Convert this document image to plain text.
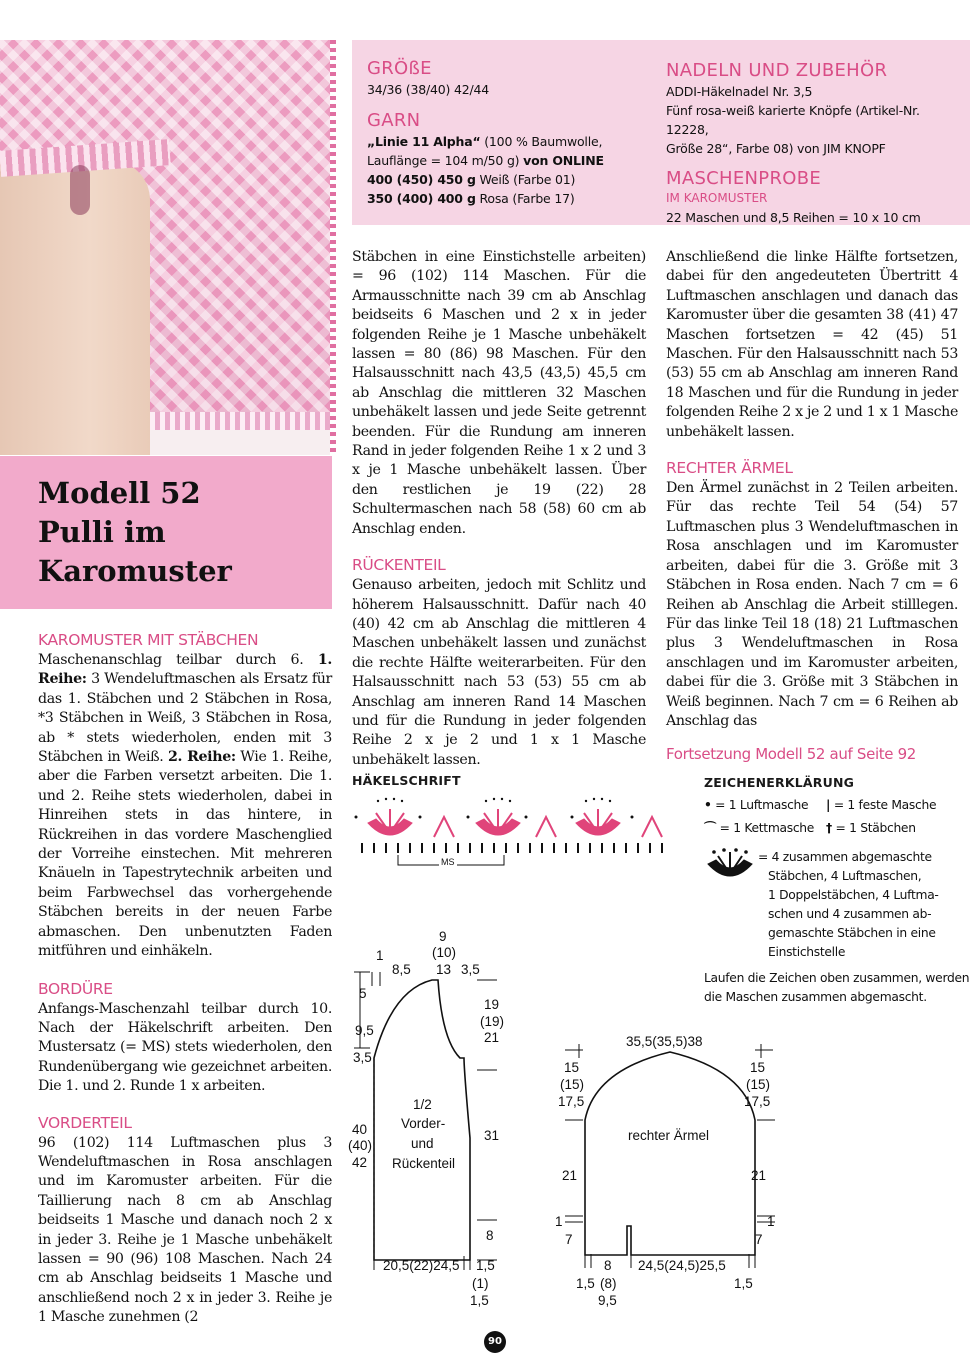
Modell 52
Pulli im
Karomuster
GRÖßE

34/36 (38/40) 42/44

GARN

„Linie 11 Alpha“ (100 % Baumwolle,

Lauflänge = 104 m/50 g) von ONLINE

400 (450) 450 g Weiß (Farbe 01)

350 (400) 400 g Rosa (Farbe 17)

NADELN UND ZUBEHÖR

ADDI-Häkelnadel Nr. 3,5

Fünf rosa-weiß karierte Knöpfe (Artikel-Nr. 12228,

Größe 28“, Farbe 08) von JIM KNOPF

MASCHENPROBE
IM KAROMUSTER

22 Maschen und 8,5 Reihen = 10 x 10 cm

KAROMUSTER MIT STÄBCHEN

Maschenanschlag teilbar durch 6. 1. Reihe: 3 Wendeluftmaschen als Ersatz für das 1. Stäbchen und 2 Stäbchen in Rosa, *3 Stäbchen in Weiß, 3 Stäbchen in Rosa, ab * stets wiederholen, enden mit 3 Stäbchen in Weiß. 2. Reihe: Wie 1. Reihe, aber die Farben versetzt arbeiten. Die 1. und 2. Reihe stets wiederholen, dabei in Hinreihen stets in das hintere, in Rückreihen in das vordere Maschenglied der Vorreihe einstechen. Mit mehreren Knäueln in Tapestrytechnik arbeiten und beim Farbwechsel das vorhergehende Stäbchen bereits in der neuen Farbe abmaschen. Den unbenutzten Faden mitführen und einhäkeln.

BORDÜRE

Anfangs-Maschenzahl teilbar durch 10. Nach der Häkelschrift arbeiten. Den Mustersatz (= MS) stets wiederholen, den Rundenübergang wie gezeichnet arbeiten. Die 1. und 2. Runde 1 x arbeiten.

VORDERTEIL

96 (102) 114 Luftmaschen plus 3 Wendeluftmaschen in Rosa anschlagen und im Karomuster arbeiten. Für die Taillierung nach 8 cm ab Anschlag beidseits 1 Masche und danach noch 2 x in jeder 3. Reihe je 1 Masche unbehäkelt lassen = 90 (96) 108 Maschen. Nach 24 cm ab Anschlag beidseits 1 Masche und anschließend noch 2 x in jeder 3. Reihe je 1 Masche zunehmen (2

Stäbchen in eine Einstichstelle arbeiten) = 96 (102) 114 Maschen. Für die Armausschnitte nach 39 cm ab Anschlag beidseits 6 Maschen und 2 x in jeder folgenden Reihe je 1 Masche unbehäkelt lassen = 80 (86) 98 Maschen. Für den Halsausschnitt nach 43,5 (43,5) 45,5 cm ab Anschlag die mittleren 32 Maschen unbehäkelt lassen und jede Seite getrennt beenden. Für die Rundung am inneren Rand in jeder folgenden Reihe 1 x 2 und 3 x je 1 Masche unbehäkelt lassen. Über den restlichen je 19 (22) 28 Schultermaschen nach 58 (58) 60 cm ab Anschlag enden.

RÜCKENTEIL

Genauso arbeiten, jedoch mit Schlitz und höherem Halsausschnitt. Dafür nach 40 (40) 42 cm ab Anschlag die mittleren 4 Maschen unbehäkelt lassen und zunächst die rechte Hälfte weiterarbeiten. Für den Halsausschnitt nach 53 (53) 55 cm ab Anschlag am inneren Rand 14 Maschen und für die Rundung in jeder folgenden Reihe 2 x je 2 und 1 x 1 Masche unbehäkelt lassen.

Anschließend die linke Hälfte fortsetzen, dabei für den angedeuteten Übertritt 4 Luftmaschen anschlagen und danach das Karomuster über die gesamten 38 (41) 47 Maschen fortsetzen = 42 (45) 51 Maschen. Für den Halsausschnitt nach 53 (53) 55 cm ab Anschlag am inneren Rand 18 Maschen und für die Rundung in jeder folgenden Reihe 2 x je 2 und 1 x 1 Masche unbehäkelt lassen.

RECHTER ÄRMEL

Den Ärmel zunächst in 2 Teilen arbeiten. Für das rechte Teil 54 (54) 57 Luftmaschen plus 3 Wendeluftmaschen in Rosa anschlagen und im Karomuster arbeiten, dabei für die 3. Größe mit 3 Stäbchen in Rosa enden. Nach 7 cm = 6 Reihen ab Anschlag die Arbeit stilllegen. Für das linke Teil 18 (18) 21 Luftmaschen plus 3 Wendeluftmaschen in Rosa anschlagen und im Karomuster arbeiten, dabei für die 3. Größe mit 3 Stäbchen in Weiß beginnen. Nach 7 cm = 6 Reihen ab Anschlag das

Fortsetzung Modell 52 auf Seite 92

HÄKELSCHRIFT
MS
ZEICHENERKLÄRUNG
• = 1 Luftmasche | = 1 feste Masche
⌒ = 1 Kettmasche † = 1 Stäbchen
= 4 zusammen abgemaschte
Stäbchen, 4 Luftmaschen,
1 Doppelstäbchen, 4 Luftma-
schen und 4 zusammen ab-
gemaschte Stäbchen in eine
Einstichstelle
Laufen die Zeichen oben zusammen, werden
die Maschen zusammen abgemascht.
9
(10)
13
1
8,5	3,5
5
9,5
3,5
19
(19)
21
1/2
Vorder-
und
Rückenteil
40
(40)
42
31
8
20,5(22)24,5 1,5
(1)
1,5
35,5(35,5)38
15
(15)
17,5
15
(15)
17,5
rechter Ärmel
21	21
1
7
1
7
8
(8)
9,5
1,5
24,5(24,5)25,5
1,5
90
